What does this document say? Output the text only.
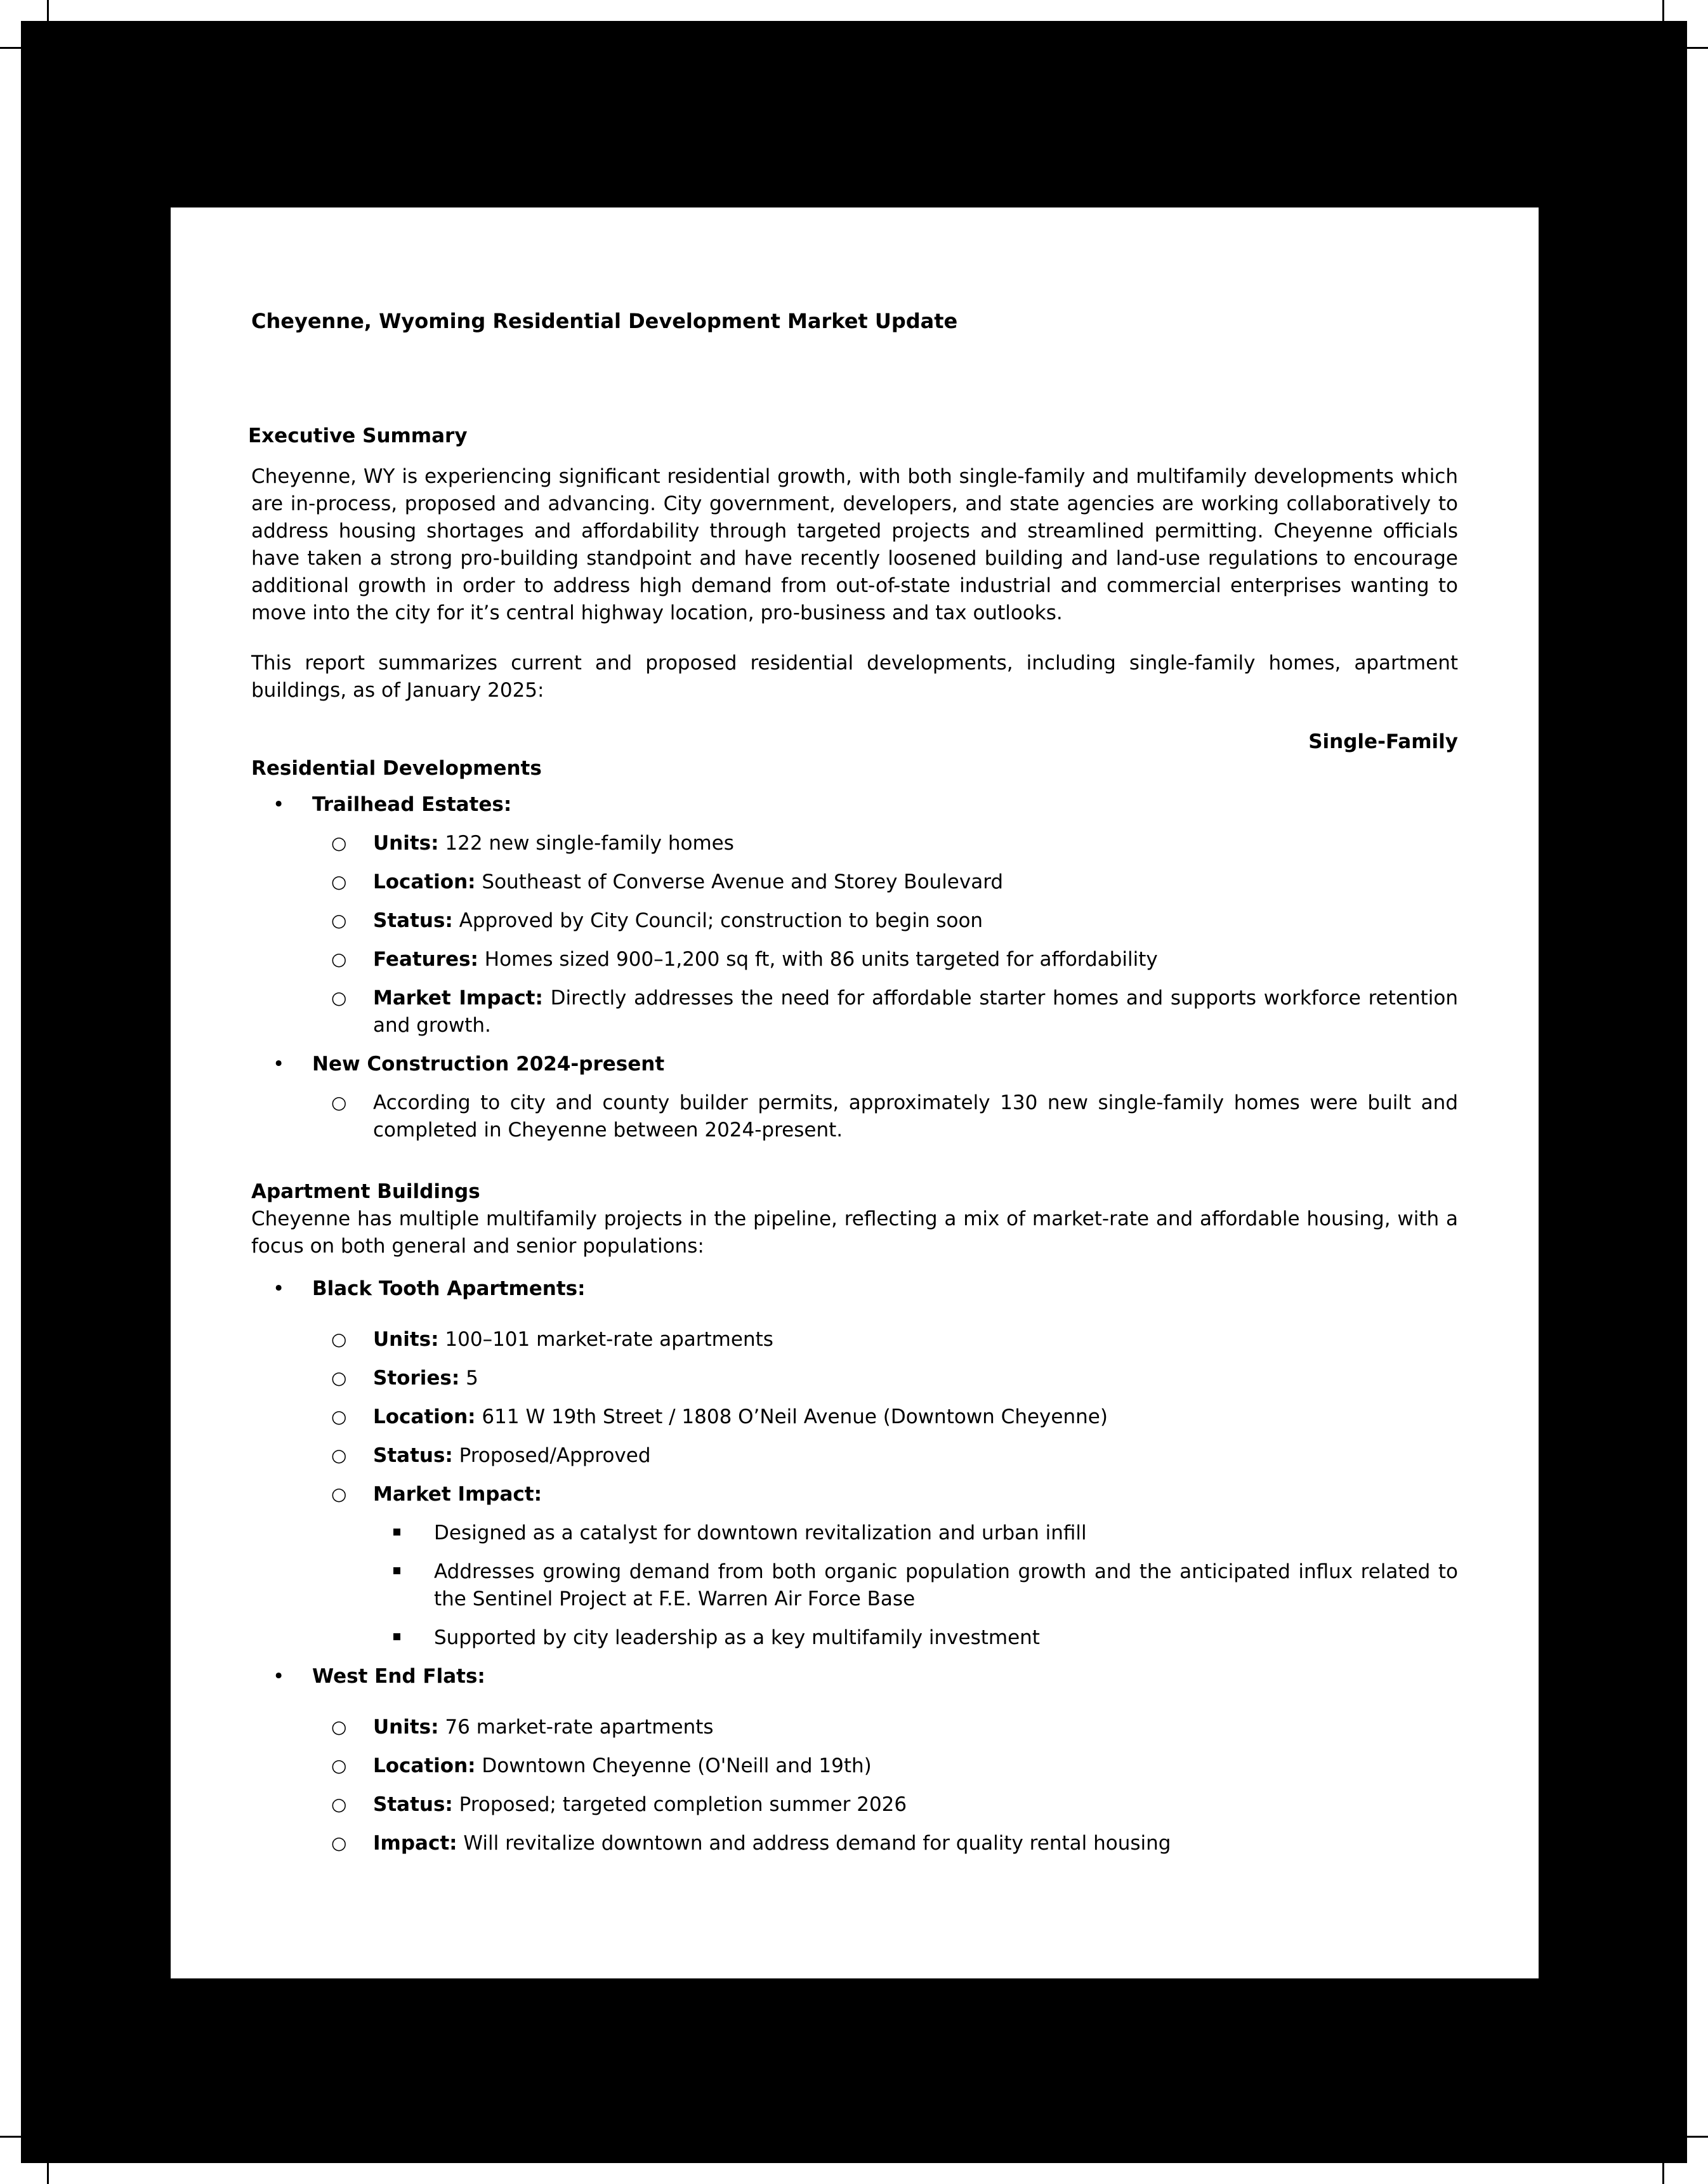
Cheyenne, Wyoming Residential Development Market Update
Executive Summary

Cheyenne, WY is experiencing significant residential growth, with both single-family and multifamily developments which are in-process, proposed and advancing. City government, developers, and state agencies are working collaboratively to address housing shortages and affordability through targeted projects and streamlined permitting. Cheyenne officials have taken a strong pro-building standpoint and have recently loosened building and land-use regulations to encourage additional growth in order to address high demand from out-of-state industrial and commercial enterprises wanting to move into the city for it’s central highway location, pro-business and tax outlooks.

This report summarizes current and proposed residential developments, including single-family homes, apartment buildings, as of January 2025:

Single-Family
Residential Developments
• Trailhead Estates:
○ Units: 122 new single-family homes
○ Location: Southeast of Converse Avenue and Storey Boulevard
○ Status: Approved by City Council; construction to begin soon
○ Features: Homes sized 900–1,200 sq ft, with 86 units targeted for affordability
○ Market Impact: Directly addresses the need for affordable starter homes and supports workforce retention and growth.
• New Construction 2024-present
○ According to city and county builder permits, approximately 130 new single-family homes were built and completed in Cheyenne between 2024-present.
Apartment Buildings

Cheyenne has multiple multifamily projects in the pipeline, reflecting a mix of market-rate and affordable housing, with a focus on both general and senior populations:

• Black Tooth Apartments:
○ Units: 100–101 market-rate apartments
○ Stories: 5
○ Location: 611 W 19th Street / 1808 O’Neil Avenue (Downtown Cheyenne)
○ Status: Proposed/Approved
○ Market Impact:
Designed as a catalyst for downtown revitalization and urban infill
Addresses growing demand from both organic population growth and the anticipated influx related to the Sentinel Project at F.E. Warren Air Force Base
Supported by city leadership as a key multifamily investment
• West End Flats:
○ Units: 76 market-rate apartments
○ Location: Downtown Cheyenne (O'Neill and 19th)
○ Status: Proposed; targeted completion summer 2026
○ Impact: Will revitalize downtown and address demand for quality rental housing
